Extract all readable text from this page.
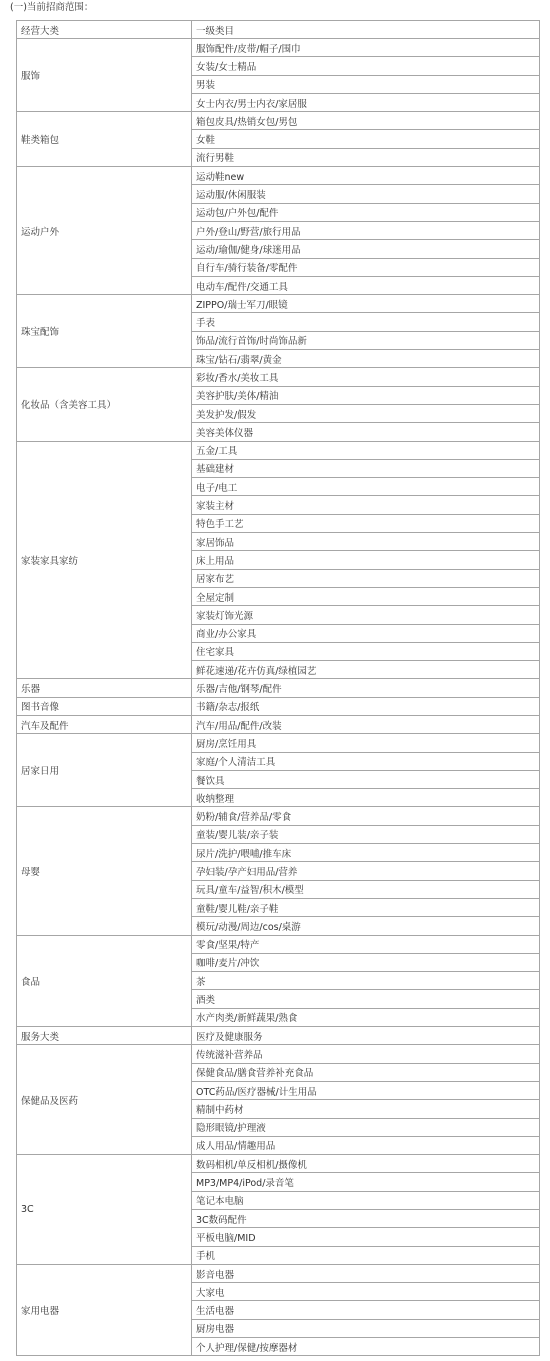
(一)当前招商范围：
经营大类	一级类目
服饰	服饰配件/皮带/帽子/围巾
	女装/女士精品
	男装
	女士内衣/男士内衣/家居服
鞋类箱包	箱包皮具/热销女包/男包
	女鞋
	流行男鞋
运动户外	运动鞋new
	运动服/休闲服装
	运动包/户外包/配件
	户外/登山/野营/旅行用品
	运动/瑜伽/健身/球迷用品
	自行车/骑行装备/零配件
	电动车/配件/交通工具
珠宝配饰	ZIPPO/瑞士军刀/眼镜
	手表
	饰品/流行首饰/时尚饰品新
	珠宝/钻石/翡翠/黄金
化妆品（含美容工具）	彩妆/香水/美妆工具
	美容护肤/美体/精油
	美发护发/假发
	美容美体仪器
家装家具家纺	五金/工具
	基础建材
	电子/电工
	家装主材
	特色手工艺
	家居饰品
	床上用品
	居家布艺
	全屋定制
	家装灯饰光源
	商业/办公家具
	住宅家具
	鲜花速递/花卉仿真/绿植园艺
乐器	乐器/吉他/钢琴/配件
图书音像	书籍/杂志/报纸
汽车及配件	汽车/用品/配件/改装
居家日用	厨房/烹饪用具
	家庭/个人清洁工具
	餐饮具
	收纳整理
母婴	奶粉/辅食/营养品/零食
	童装/婴儿装/亲子装
	尿片/洗护/喂哺/推车床
	孕妇装/孕产妇用品/营养
	玩具/童车/益智/积木/模型
	童鞋/婴儿鞋/亲子鞋
	模玩/动漫/周边/cos/桌游
食品	零食/坚果/特产
	咖啡/麦片/冲饮
	茶
	酒类
	水产肉类/新鲜蔬果/熟食
服务大类	医疗及健康服务
保健品及医药	传统滋补营养品
	保健食品/膳食营养补充食品
	OTC药品/医疗器械/计生用品
	精制中药材
	隐形眼镜/护理液
	成人用品/情趣用品
3C	数码相机/单反相机/摄像机
	MP3/MP4/iPod/录音笔
	笔记本电脑
	3C数码配件
	平板电脑/MID
	手机
家用电器	影音电器
	大家电
	生活电器
	厨房电器
	个人护理/保健/按摩器材
